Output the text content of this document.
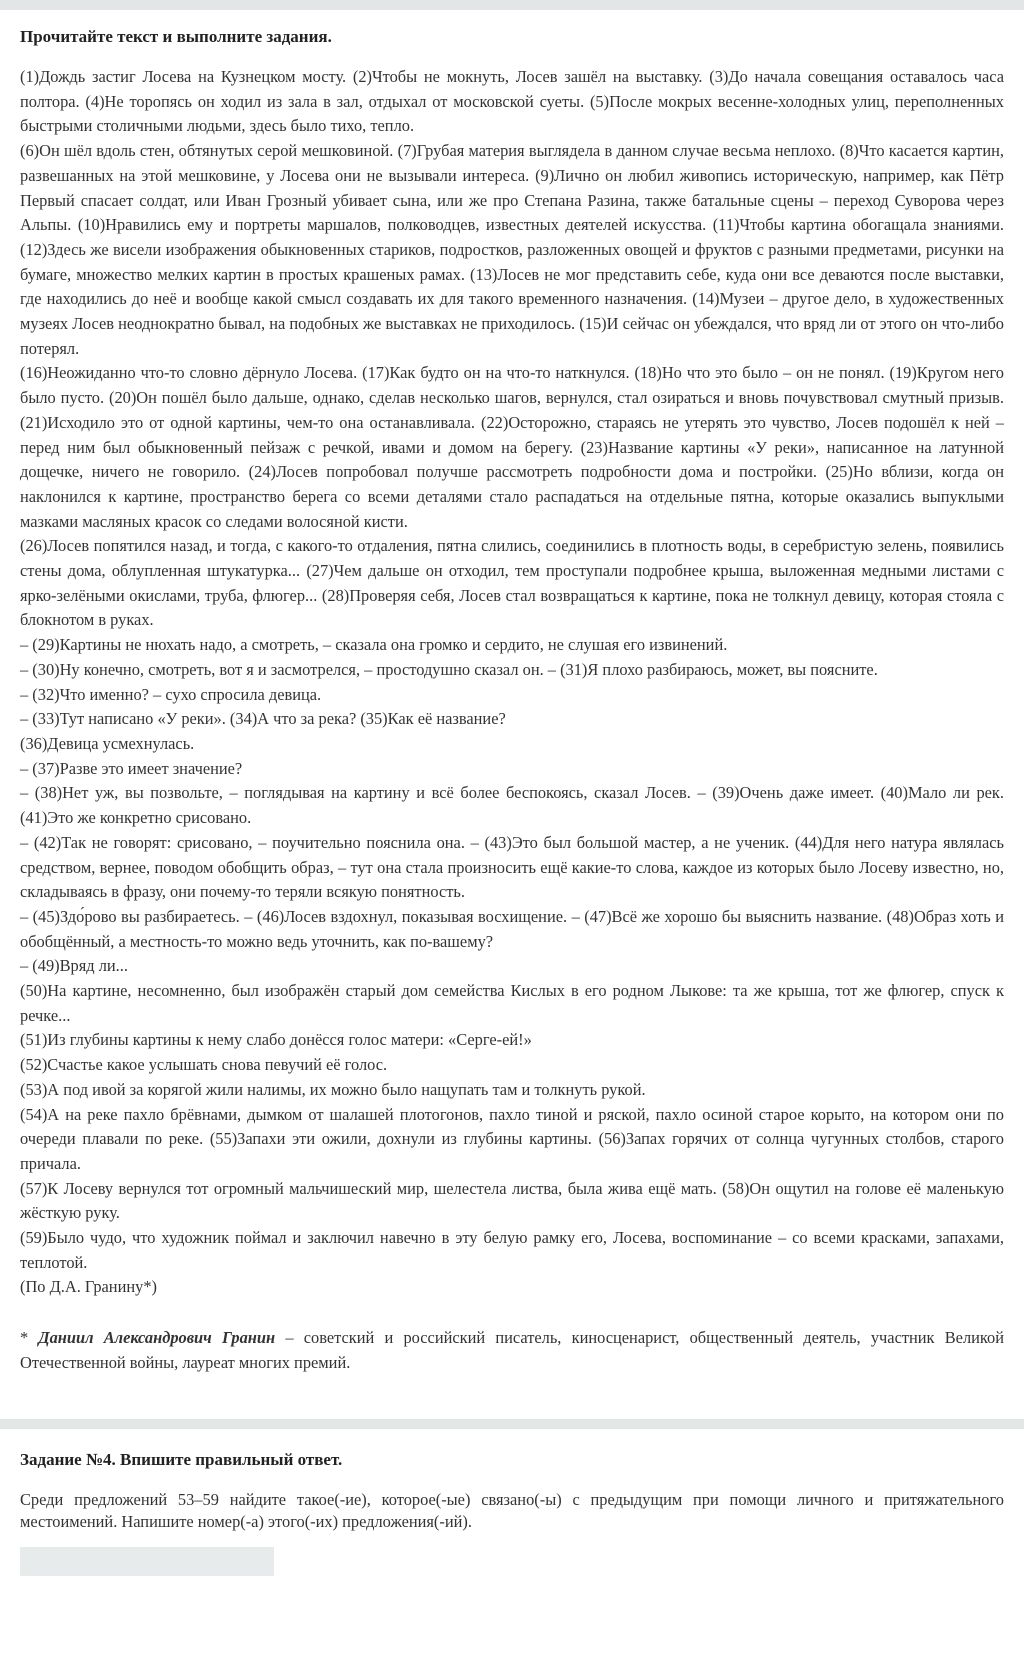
Прочитайте текст и выполните задания.

(1)Дождь застиг Лосева на Кузнецком мосту. (2)Чтобы не мокнуть, Лосев зашёл на выставку. (3)До начала совещания оставалось часа полтора. (4)Не торопясь он ходил из зала в зал, отдыхал от московской суеты. (5)После мокрых весенне-холодных улиц, переполненных быстрыми столичными людьми, здесь было тихо, тепло.

(6)Он шёл вдоль стен, обтянутых серой мешковиной. (7)Грубая материя выглядела в данном случае весьма неплохо. (8)Что касается картин, развешанных на этой мешковине, у Лосева они не вызывали интереса. (9)Лично он любил живопись историческую, например, как Пётр Первый спасает солдат, или Иван Грозный убивает сына, или же про Степана Разина, также батальные сцены – переход Суворова через Альпы. (10)Нравились ему и портреты маршалов, полководцев, известных деятелей искусства. (11)Чтобы картина обогащала знаниями. (12)Здесь же висели изображения обыкновенных стариков, подростков, разложенных овощей и фруктов с разными предметами, рисунки на бумаге, множество мелких картин в простых крашеных рамах. (13)Лосев не мог представить себе, куда они все деваются после выставки, где находились до неё и вообще какой смысл создавать их для такого временного назначения. (14)Музеи – другое дело, в художественных музеях Лосев неоднократно бывал, на подобных же выставках не приходилось. (15)И сейчас он убеждался, что вряд ли от этого он что-либо потерял.

(16)Неожиданно что-то словно дёрнуло Лосева. (17)Как будто он на что-то наткнулся. (18)Но что это было – он не понял. (19)Кругом него было пусто. (20)Он пошёл было дальше, однако, сделав несколько шагов, вернулся, стал озираться и вновь почувствовал смутный призыв. (21)Исходило это от одной картины, чем-то она останавливала. (22)Осторожно, стараясь не утерять это чувство, Лосев подошёл к ней – перед ним был обыкновенный пейзаж с речкой, ивами и домом на берегу. (23)Название картины «У реки», написанное на латунной дощечке, ничего не говорило. (24)Лосев попробовал получше рассмотреть подробности дома и постройки. (25)Но вблизи, когда он наклонился к картине, пространство берега со всеми деталями стало распадаться на отдельные пятна, которые оказались выпуклыми мазками масляных красок со следами волосяной кисти.

(26)Лосев попятился назад, и тогда, с какого-то отдаления, пятна слились, соединились в плотность воды, в серебристую зелень, появились стены дома, облупленная штукатурка... (27)Чем дальше он отходил, тем проступали подробнее крыша, выложенная медными листами с ярко-зелёными окислами, труба, флюгер... (28)Проверяя себя, Лосев стал возвращаться к картине, пока не толкнул девицу, которая стояла с блокнотом в руках.

– (29)Картины не нюхать надо, а смотреть, – сказала она громко и сердито, не слушая его извинений.

– (30)Ну конечно, смотреть, вот я и засмотрелся, – простодушно сказал он. – (31)Я плохо разбираюсь, может, вы поясните.

– (32)Что именно? – сухо спросила девица.

– (33)Тут написано «У реки». (34)А что за река? (35)Как её название?

(36)Девица усмехнулась.

– (37)Разве это имеет значение?

– (38)Нет уж, вы позвольте, – поглядывая на картину и всё более беспокоясь, сказал Лосев. – (39)Очень даже имеет. (40)Мало ли рек. (41)Это же конкретно срисовано.

– (42)Так не говорят: срисовано, – поучительно пояснила она. – (43)Это был большой мастер, а не ученик. (44)Для него натура являлась средством, вернее, поводом обобщить образ, – тут она стала произносить ещё какие-то слова, каждое из которых было Лосеву известно, но, складываясь в фразу, они почему-то теряли всякую понятность.

– (45)Здо́рово вы разбираетесь. – (46)Лосев вздохнул, показывая восхищение. – (47)Всё же хорошо бы выяснить название. (48)Образ хоть и обобщённый, а местность-то можно ведь уточнить, как по-вашему?

– (49)Вряд ли...

(50)На картине, несомненно, был изображён старый дом семейства Кислых в его родном Лыкове: та же крыша, тот же флюгер, спуск к речке...

(51)Из глубины картины к нему слабо донёсся голос матери: «Серге-ей!»

(52)Счастье какое услышать снова певучий её голос.

(53)А под ивой за корягой жили налимы, их можно было нащупать там и толкнуть рукой.

(54)А на реке пахло брёвнами, дымком от шалашей плотогонов, пахло тиной и ряской, пахло осиной старое корыто, на котором они по очереди плавали по реке. (55)Запахи эти ожили, дохнули из глубины картины. (56)Запах горячих от солнца чугунных столбов, старого причала.

(57)К Лосеву вернулся тот огромный мальчишеский мир, шелестела листва, была жива ещё мать. (58)Он ощутил на голове её маленькую жёсткую руку.

(59)Было чудо, что художник поймал и заключил навечно в эту белую рамку его, Лосева, воспоминание – со всеми красками, запахами, теплотой.

(По Д.А. Гранину*)

* Даниил Александрович Гранин – советский и российский писатель, киносценарист, общественный деятель, участник Великой Отечественной войны, лауреат многих премий.
Задание №4. Впишите правильный ответ.
Среди предложений 53–59 найдите такое(-ие), которое(-ые) связано(-ы) с предыдущим при помощи личного и притяжательного местоимений. Напишите номер(-а) этого(-их) предложения(-ий).
